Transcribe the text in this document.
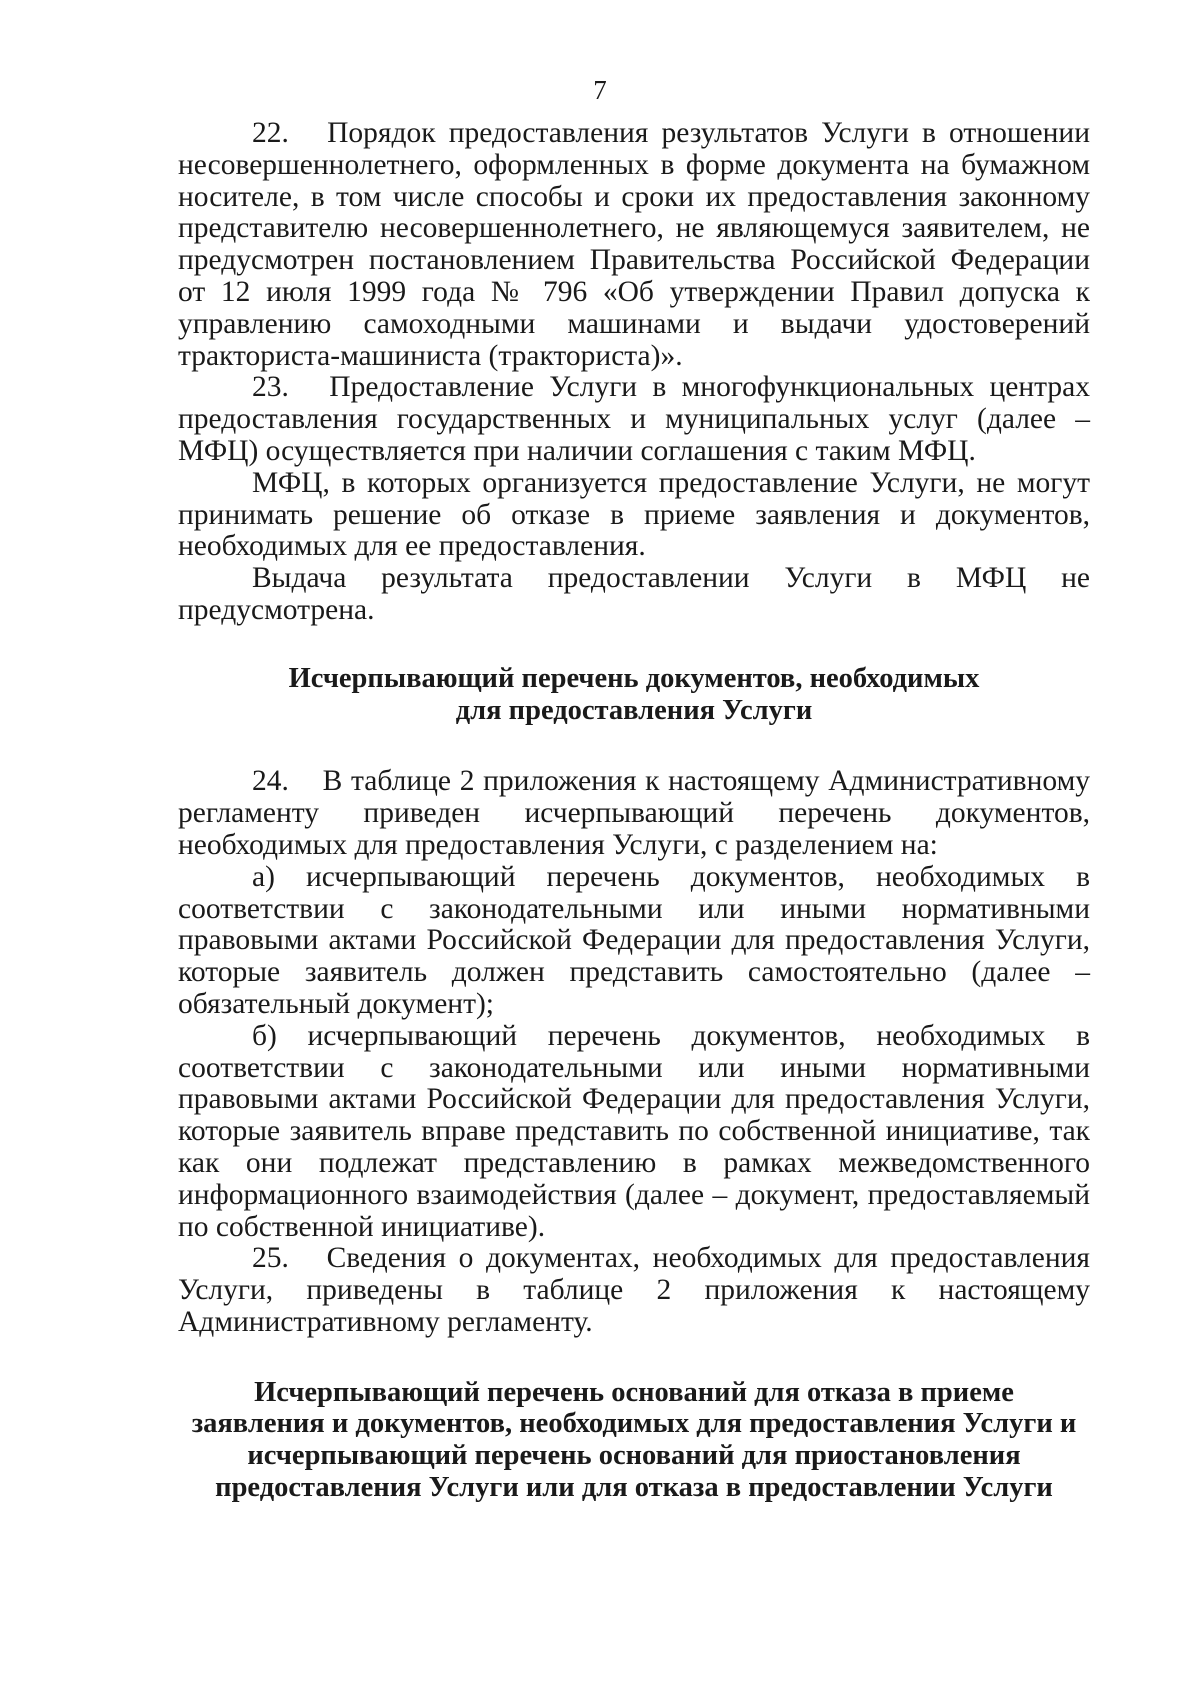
7

22. Порядок предоставления результатов Услуги в отношении несовершеннолетнего, оформленных в форме документа на бумажном носителе, в том числе способы и сроки их предоставления законному представителю несовершеннолетнего, не являющемуся заявителем, не предусмотрен постановлением Правительства Российской Федерации от 12 июля 1999 года № 796 «Об утверждении Правил допуска к управлению самоходными машинами и выдачи удостоверений тракториста-машиниста (тракториста)».

23. Предоставление Услуги в многофункциональных центрах предоставления государственных и муниципальных услуг (далее – МФЦ) осуществляется при наличии соглашения с таким МФЦ.

МФЦ, в которых организуется предоставление Услуги, не могут принимать решение об отказе в приеме заявления и документов, необходимых для ее предоставления.

Выдача результата предоставлении Услуги в МФЦ не предусмотрена.

Исчерпывающий перечень документов, необходимых
для предоставления Услуги

24. В таблице 2 приложения к настоящему Административному регламенту приведен исчерпывающий перечень документов, необходимых для предоставления Услуги, с разделением на:

а) исчерпывающий перечень документов, необходимых в соответствии с законодательными или иными нормативными правовыми актами Российской Федерации для предоставления Услуги, которые заявитель должен представить самостоятельно (далее – обязательный документ);

б) исчерпывающий перечень документов, необходимых в соответствии с законодательными или иными нормативными правовыми актами Российской Федерации для предоставления Услуги, которые заявитель вправе представить по собственной инициативе, так как они подлежат представлению в рамках межведомственного информационного взаимодействия (далее – документ, предоставляемый по собственной инициативе).

25. Сведения о документах, необходимых для предоставления Услуги, приведены в таблице 2 приложения к настоящему Административному регламенту.

Исчерпывающий перечень оснований для отказа в приеме
заявления и документов, необходимых для предоставления Услуги и
исчерпывающий перечень оснований для приостановления
предоставления Услуги или для отказа в предоставлении Услуги
